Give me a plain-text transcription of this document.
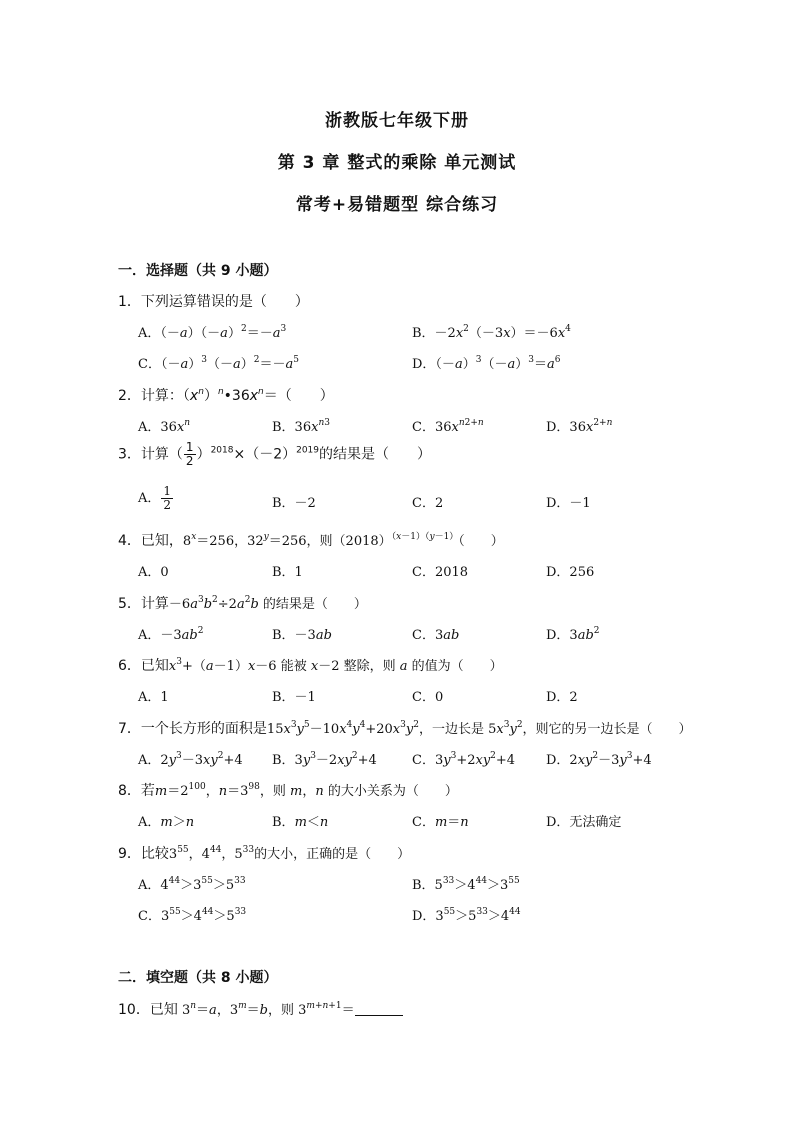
浙教版七年级下册
第 3 章 整式的乘除 单元测试
常考+易错题型 综合练习
一．选择题（共 9 小题）
1．下列运算错误的是（　　）
A．$(-a)(-a)^2=-a^3$	B．$-2x^2(-3x)=-6x^4$
C．$(-a)^3(-a)^2=-a^5$	D．$(-a)^3(-a)^3=a^6$
2．计算：$(x^n)^n•36x^n=$（　　）
A．$36x^n$	B．$36x^{n3}$	C．$36x^{n2+n}$	D．$36x^{2+n}$
3．计算（ $\frac{1}{2} )^{2018}\times(-2)^{2019}$的结果是（　　）
A． $\frac{1}{2}$	B．－2	C．2	D．－1
4．已知，$8^x=256$，$32^y=256$，则$(2018)^{(x-1)(y-1)}$（　　）
A．0	B．1	C．2018	D．256
5．计算$-6a^3b^2\div 2a^2b$ 的结果是（　　）
A．$-3ab^2$	B．－3ab	C．3ab	D．$3ab^2$
6．已知$x^3+(a-1)x-6$ 能被 x－2 整除，则 a 的值为（　　）
A．1	B．－1	C．0	D．2
7．一个长方形的面积是$15x^3y^5-10x^4y^4+20x^3y^2$，一边长是 $5x^3y^2$，则它的另一边长是（　　）
A．$2y^3-3xy^2+4$ B．$3y^3-2xy^2+4$	C．$3y^3+2xy^2+4$ D．$2xy^2-3y^3+4$
8．若$m=2^{100}$，$n=3^{98}$，则 m，n 的大小关系为（　　）
A．m＞n	B．m＜n	C．m＝n	D．无法确定
9．比较$3^{55}$，$4^{44}$，$5^{33}$的大小，正确的是（　　）
A．$4^{44}>3^{55}>5^{33}$	B．$5^{33}>4^{44}>3^{55}$
C．$3^{55}>4^{44}>5^{33}$	D．$3^{55}>5^{33}>4^{44}$
二．填空题（共 8 小题）
10．已知 $3^n=a$，$3^m=b$，则 $3^{m+n+1}=$
